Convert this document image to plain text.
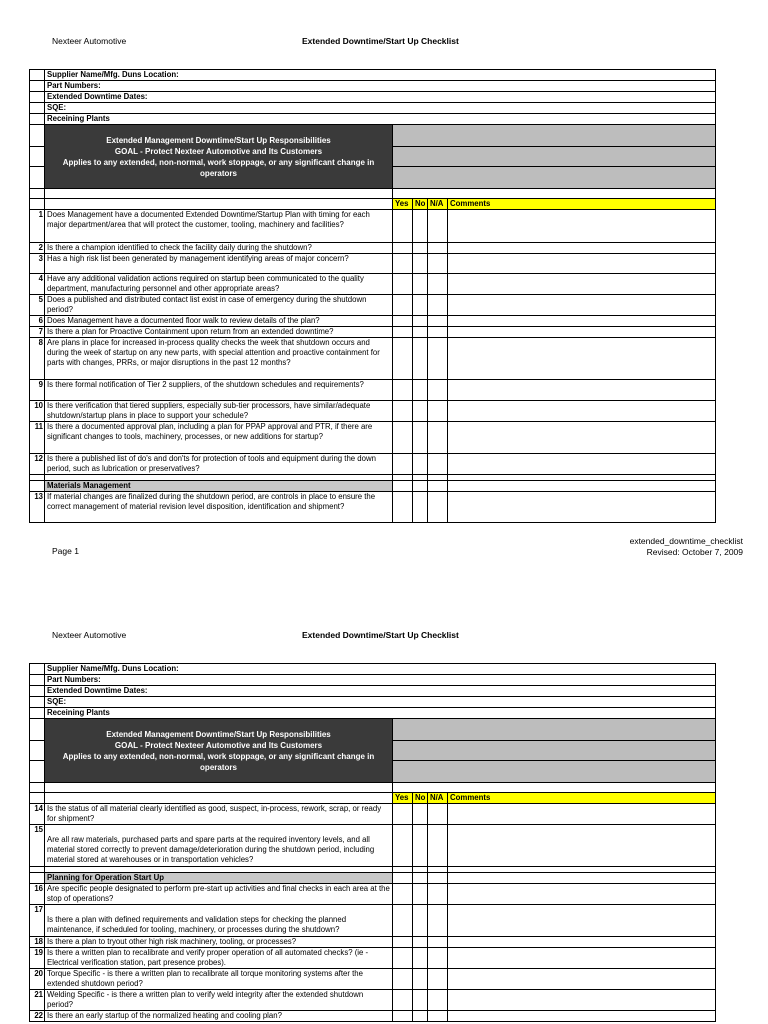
Nexteer Automotive	Extended Downtime/Start Up Checklist
	Supplier Name/Mfg. Duns Location:				
	Part Numbers:				
	Extended Downtime Dates:				
	SQE:				
	Receining Plants				

	Extended Management Downtime/Start Up Responsibilities
GOAL - Protect Nexteer Automotive and Its Customers
Applies to any extended, non-normal, work stoppage, or any significant change in operators				

		Yes	No	N/A	Comments
1	Does Management have a documented Extended Downtime/Startup Plan with timing for each major department/area that will protect the customer, tooling, machinery and facilities?				
2	Is there a champion identified to check the facility daily during the shutdown?				
3	Has a high risk list been generated by management identifying areas of major concern?				
4	Have any additional validation actions required on startup been communicated to the quality department, manufacturing personnel and other appropriate areas?				
5	Does a published and distributed contact list exist in case of emergency during the shutdown period?				
6	Does Management have a documented floor walk to review details of the plan?				
7	Is there a plan for Proactive Containment upon return from an extended downtime?				
8	Are plans in place for increased in-process quality checks the week that shutdown occurs and during the week of startup on any new parts, with special attention and proactive containment for parts with changes, PRRs, or major disruptions in the past 12 months?				
9	Is there formal notification of Tier 2 suppliers, of the shutdown schedules and requirements?				
10	Is there verification that tiered suppliers, especially sub-tier processors, have similar/adequate shutdown/startup plans in place to support your schedule?				
11	Is there a documented approval plan, including a plan for PPAP approval and PTR, if there are significant changes to tools, machinery, processes, or new additions for startup?				
12	Is there a published list of do's and don'ts for protection of tools and equipment during the down period, such as lubrication or preservatives?				

	Materials Management				
13	If material changes are finalized during the shutdown period, are controls in place to ensure the correct management of material revision level disposition, identification and shipment?				
Page 1
extended_downtime_checklist
Revised: October 7, 2009
Nexteer Automotive	Extended Downtime/Start Up Checklist
	Supplier Name/Mfg. Duns Location:				
	Part Numbers:				
	Extended Downtime Dates:				
	SQE:				
	Receining Plants				

	Extended Management Downtime/Start Up Responsibilities
GOAL - Protect Nexteer Automotive and Its Customers
Applies to any extended, non-normal, work stoppage, or any significant change in operators				

		Yes	No	N/A	Comments
14	Is the status of all material clearly identified as good, suspect, in-process, rework, scrap, or ready for shipment?				
15	Are all raw materials, purchased parts and spare parts at the required inventory levels, and all material stored correctly to prevent damage/deterioration during the shutdown period, including material stored at warehouses or in transportation vehicles?				

	Planning for Operation Start Up				
16	Are specific people designated to perform pre-start up activities and final checks in each area at the stop of operations?				
17	Is there a plan with defined requirements and validation steps for checking the planned maintenance, if scheduled for tooling, machinery, or processes during the shutdown?				
18	Is there a plan to tryout other high risk machinery, tooling, or processes?				
19	Is there a written plan to recalibrate and verify proper operation of all automated checks? (ie - Electrical verification station, part presence probes).				
20	Torque Specific - is there a written plan to recalibrate all torque monitoring systems after the extended shutdown period?				
21	Welding Specific - is there a written plan to verify weld integrity after the extended shutdown period?				
22	Is there an early startup of the normalized heating and cooling plan?				
